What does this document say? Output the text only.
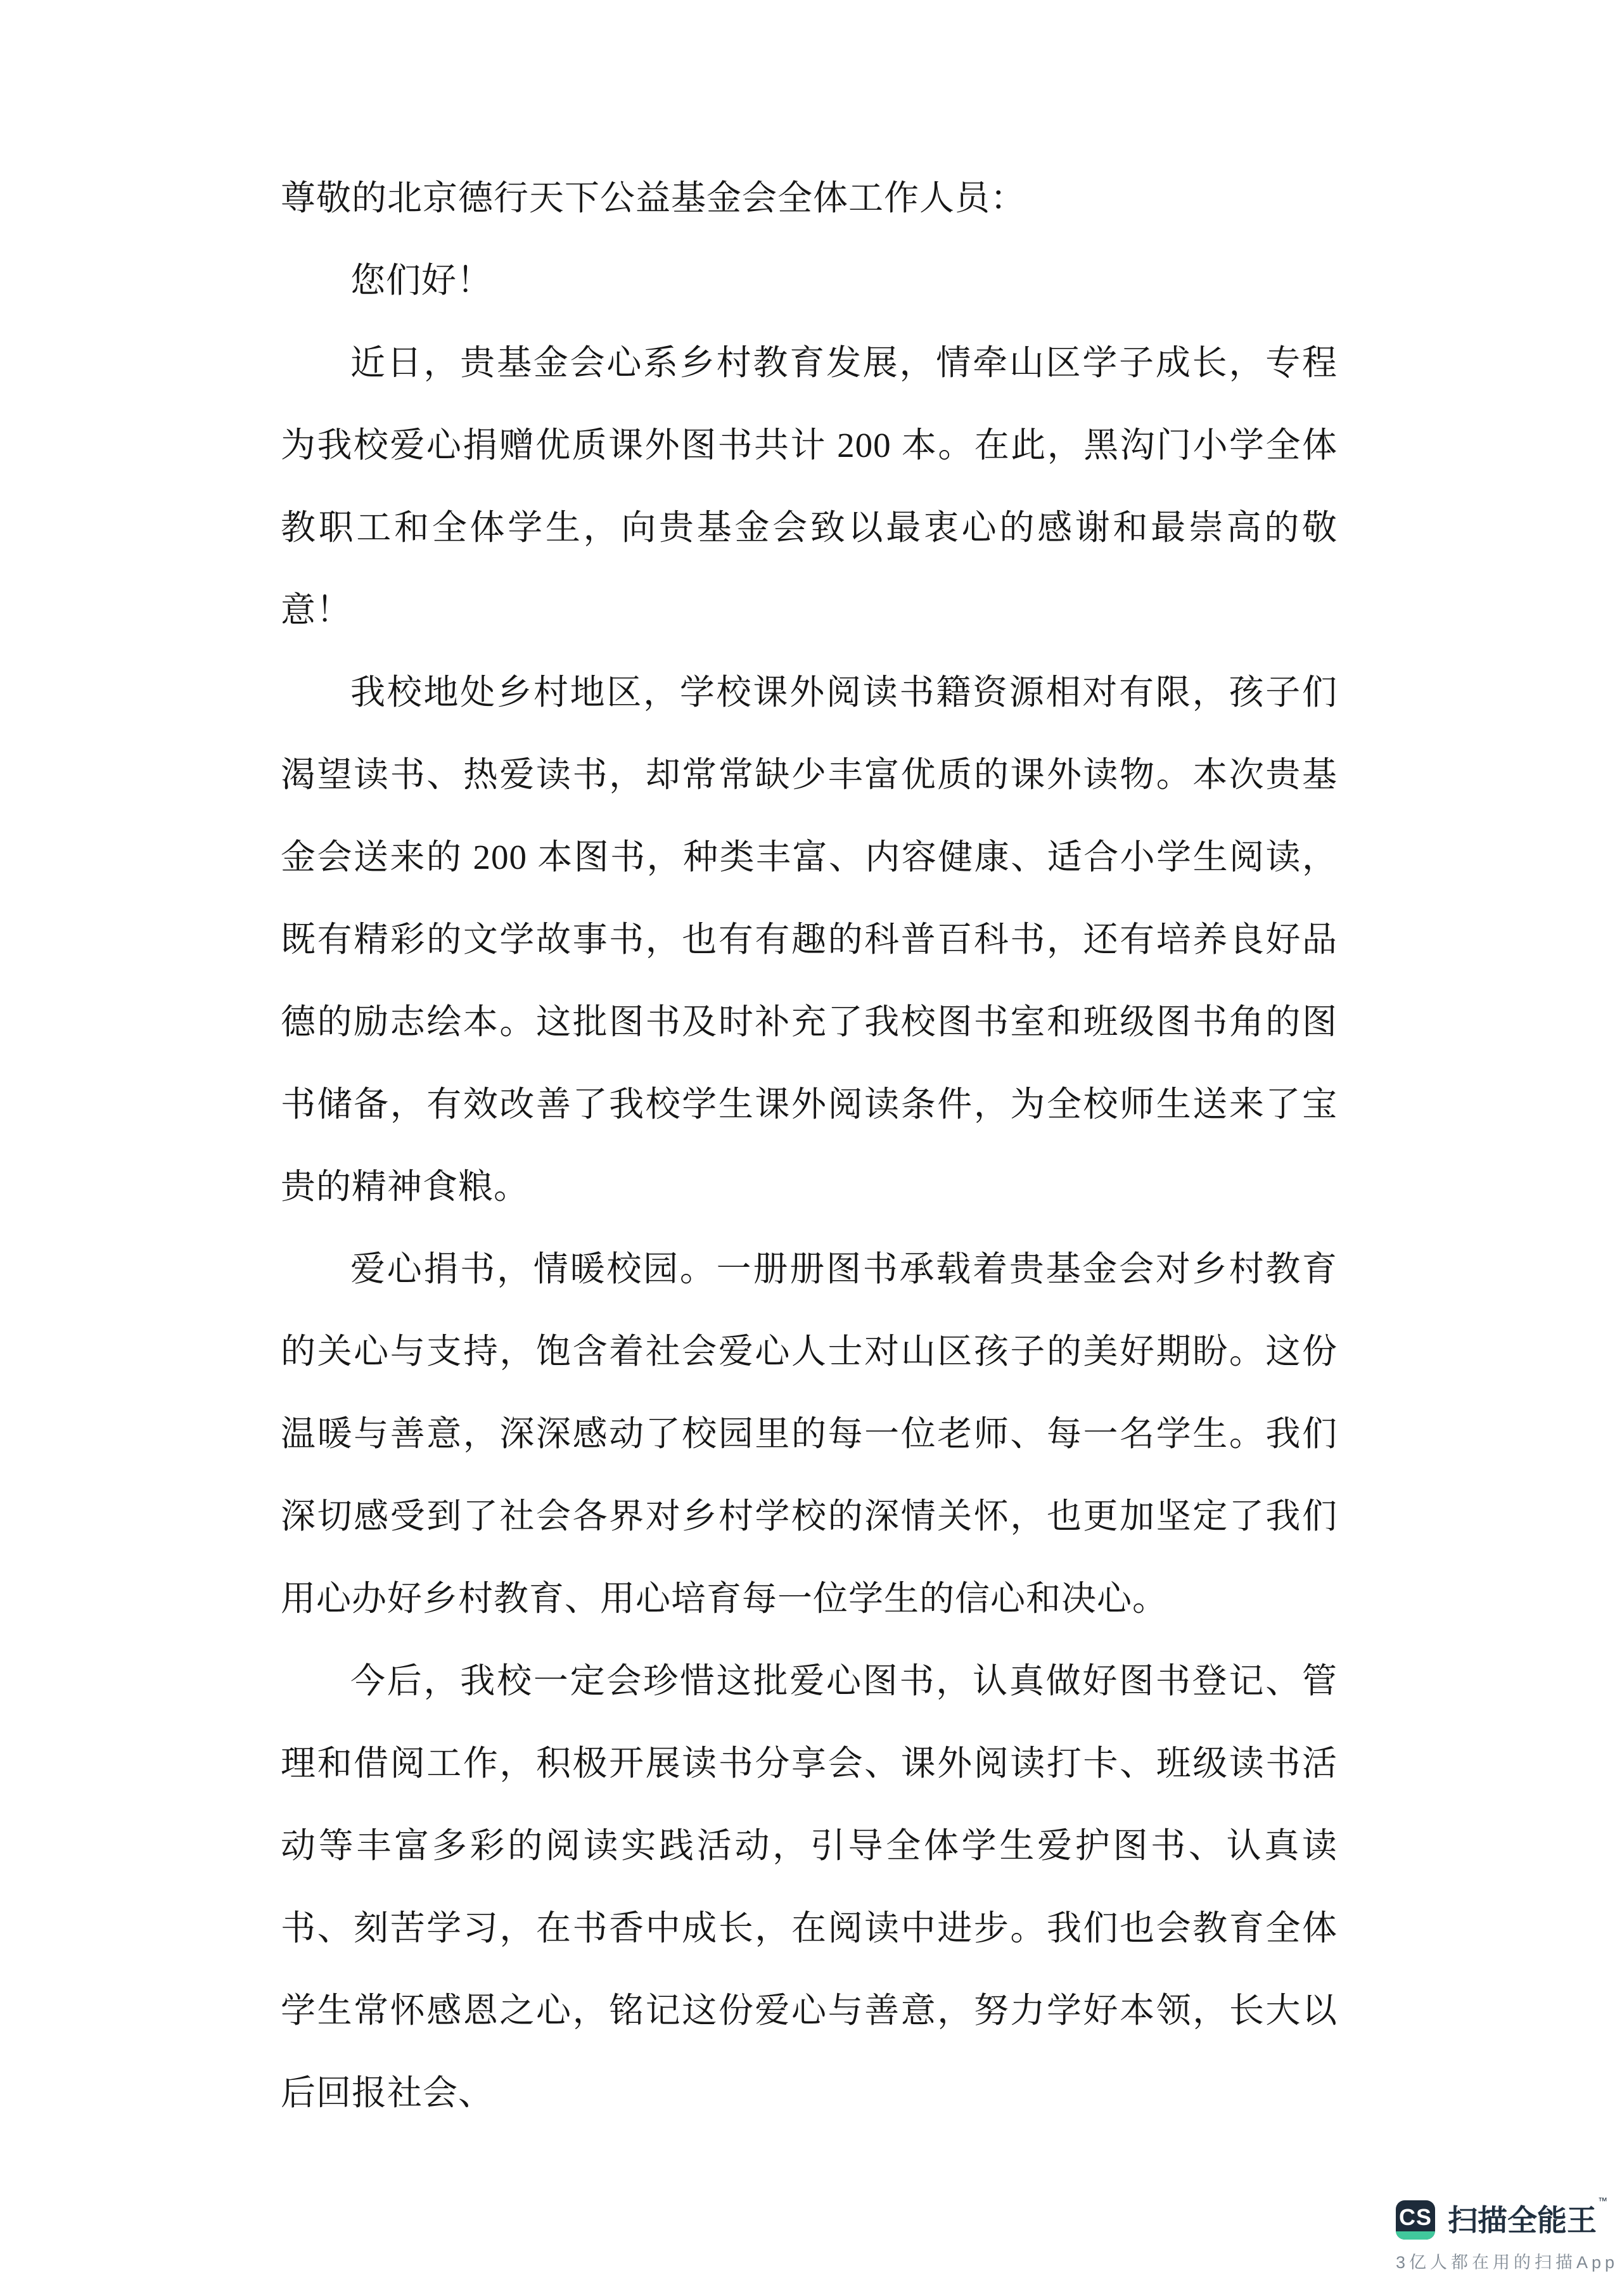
尊敬的北京德行天下公益基金会全体工作人员：

您们好！

近日，贵基金会心系乡村教育发展，情牵山区学子成长，专程为我校爱心捐赠优质课外图书共计 200 本。在此，黑沟门小学全体教职工和全体学生，向贵基金会致以最衷心的感谢和最崇高的敬意！

我校地处乡村地区，学校课外阅读书籍资源相对有限，孩子们渴望读书、热爱读书，却常常缺少丰富优质的课外读物。本次贵基金会送来的 200 本图书，种类丰富、内容健康、适合小学生阅读，既有精彩的文学故事书，也有有趣的科普百科书，还有培养良好品德的励志绘本。这批图书及时补充了我校图书室和班级图书角的图书储备，有效改善了我校学生课外阅读条件，为全校师生送来了宝贵的精神食粮。

爱心捐书，情暖校园。一册册图书承载着贵基金会对乡村教育的关心与支持，饱含着社会爱心人士对山区孩子的美好期盼。这份温暖与善意，深深感动了校园里的每一位老师、每一名学生。我们深切感受到了社会各界对乡村学校的深情关怀，也更加坚定了我们用心办好乡村教育、用心培育每一位学生的信心和决心。

今后，我校一定会珍惜这批爱心图书，认真做好图书登记、管理和借阅工作，积极开展读书分享会、课外阅读打卡、班级读书活动等丰富多彩的阅读实践活动，引导全体学生爱护图书、认真读书、刻苦学习，在书香中成长，在阅读中进步。我们也会教育全体学生常怀感恩之心，铭记这份爱心与善意，努力学好本领，长大以后回报社会、

CS 扫描全能王™
3亿人都在用的扫描App
